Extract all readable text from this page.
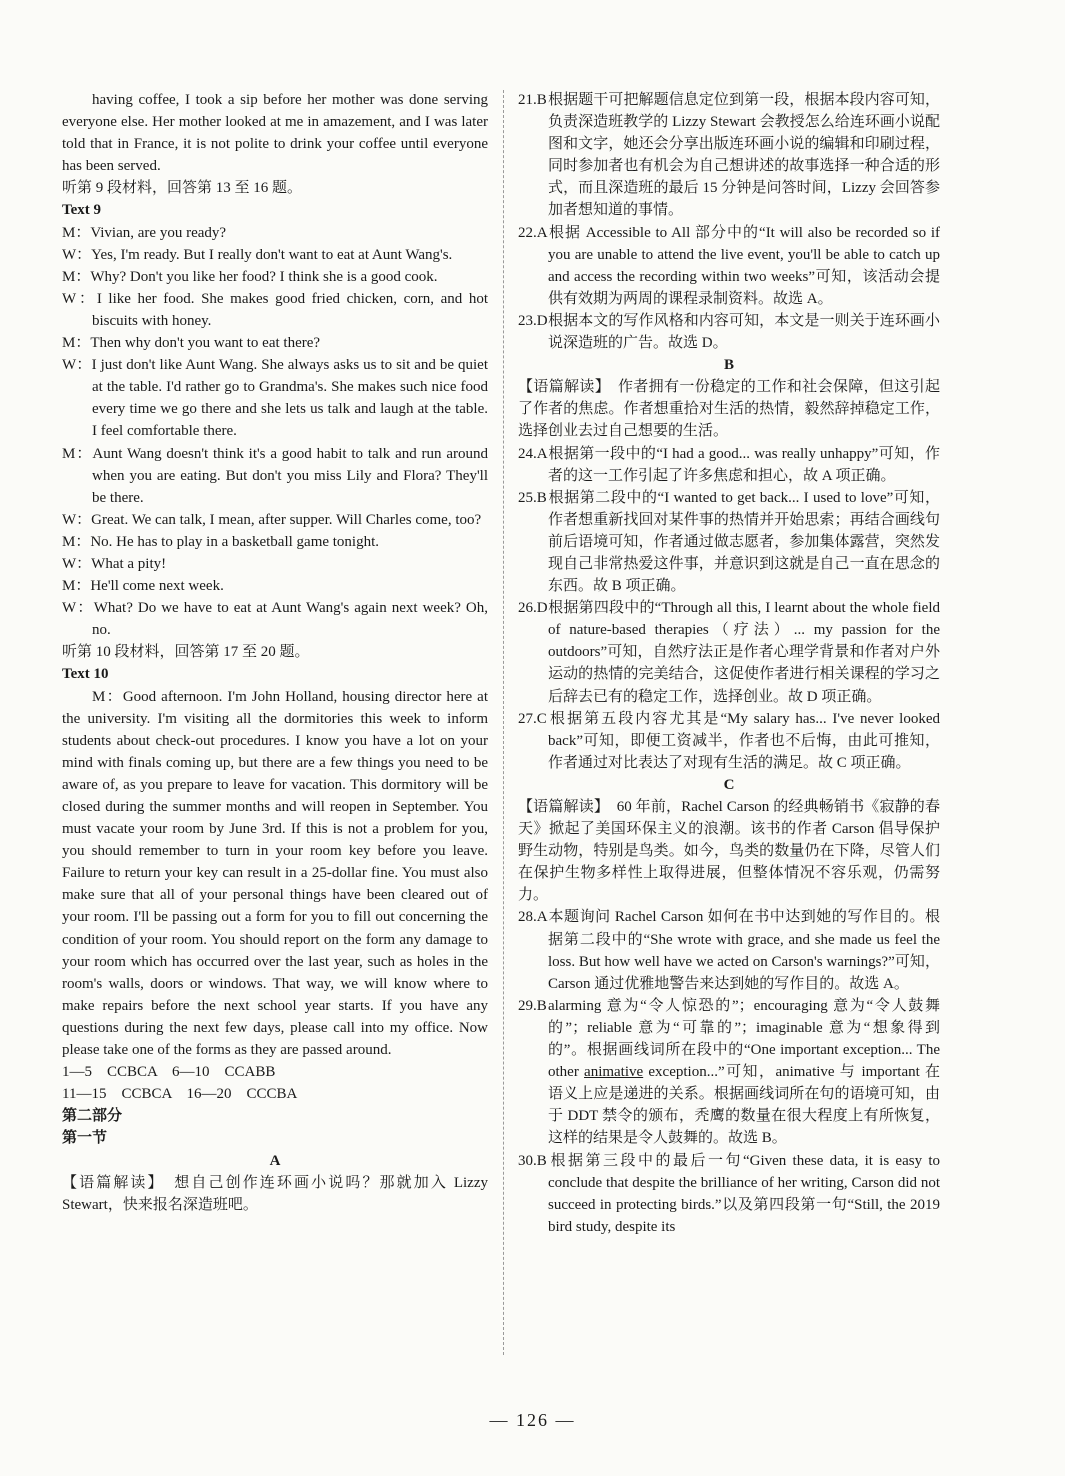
having coffee, I took a sip before her mother was done serving everyone else. Her mother looked at me in amazement, and I was later told that in France, it is not polite to drink your coffee until everyone has been served.
听第 9 段材料，回答第 13 至 16 题。
Text 9
M：Vivian, are you ready?
W：Yes, I'm ready. But I really don't want to eat at Aunt Wang's.
M：Why? Don't you like her food? I think she is a good cook.
W：I like her food. She makes good fried chicken, corn, and hot biscuits with honey.
M：Then why don't you want to eat there?
W：I just don't like Aunt Wang. She always asks us to sit and be quiet at the table. I'd rather go to Grandma's. She makes such nice food every time we go there and she lets us talk and laugh at the table. I feel comfortable there.
M：Aunt Wang doesn't think it's a good habit to talk and run around when you are eating. But don't you miss Lily and Flora? They'll be there.
W：Great. We can talk, I mean, after supper. Will Charles come, too?
M：No. He has to play in a basketball game tonight.
W：What a pity!
M：He'll come next week.
W：What? Do we have to eat at Aunt Wang's again next week? Oh, no.
听第 10 段材料，回答第 17 至 20 题。
Text 10
M：Good afternoon. I'm John Holland, housing director here at the university. I'm visiting all the dormitories this week to inform students about check-out procedures. I know you have a lot on your mind with finals coming up, but there are a few things you need to be aware of, as you prepare to leave for vacation. This dormitory will be closed during the summer months and will reopen in September. You must vacate your room by June 3rd. If this is not a problem for you, you should remember to turn in your room key before you leave. Failure to return your key can result in a 25-dollar fine. You must also make sure that all of your personal things have been cleared out of your room. I'll be passing out a form for you to fill out concerning the condition of your room. You should report on the form any damage to your room which has occurred over the last year, such as holes in the room's walls, doors or windows. That way, we will know where to make repairs before the next school year starts. If you have any questions during the next few days, please call into my office. Now please take one of the forms as they are passed around.
1—5　CCBCA　6—10　CCABB
11—15　CCBCA　16—20　CCCBA
第二部分
第一节
A
【语篇解读】　想自己创作连环画小说吗？那就加入 Lizzy Stewart，快来报名深造班吧。
21.B根据题干可把解题信息定位到第一段，根据本段内容可知，负责深造班教学的 Lizzy Stewart 会教授怎么给连环画小说配图和文字，她还会分享出版连环画小说的编辑和印刷过程，同时参加者也有机会为自己想讲述的故事选择一种合适的形式，而且深造班的最后 15 分钟是问答时间，Lizzy 会回答参加者想知道的事情。
22.A根据 Accessible to All 部分中的“It will also be recorded so if you are unable to attend the live event, you'll be able to catch up and access the recording within two weeks”可知，该活动会提供有效期为两周的课程录制资料。故选 A。
23.D根据本文的写作风格和内容可知，本文是一则关于连环画小说深造班的广告。故选 D。
B
【语篇解读】　作者拥有一份稳定的工作和社会保障，但这引起了作者的焦虑。作者想重拾对生活的热情，毅然辞掉稳定工作，选择创业去过自己想要的生活。
24.A根据第一段中的“I had a good... was really unhappy”可知，作者的这一工作引起了许多焦虑和担心，故 A 项正确。
25.B根据第二段中的“I wanted to get back... I used to love”可知，作者想重新找回对某件事的热情并开始思索；再结合画线句前后语境可知，作者通过做志愿者，参加集体露营，突然发现自己非常热爱这件事，并意识到这就是自己一直在思念的东西。故 B 项正确。
26.D根据第四段中的“Through all this, I learnt about the whole field of nature-based therapies（疗法）... my passion for the outdoors”可知，自然疗法正是作者心理学背景和作者对户外运动的热情的完美结合，这促使作者进行相关课程的学习之后辞去已有的稳定工作，选择创业。故 D 项正确。
27.C根据第五段内容尤其是“My salary has... I've never looked back”可知，即便工资减半，作者也不后悔，由此可推知，作者通过对比表达了对现有生活的满足。故 C 项正确。
C
【语篇解读】　60 年前，Rachel Carson 的经典畅销书《寂静的春天》掀起了美国环保主义的浪潮。该书的作者 Carson 倡导保护野生动物，特别是鸟类。如今，鸟类的数量仍在下降，尽管人们在保护生物多样性上取得进展，但整体情况不容乐观，仍需努力。
28.A本题询问 Rachel Carson 如何在书中达到她的写作目的。根据第二段中的“She wrote with grace, and she made us feel the loss. But how well have we acted on Carson's warnings?”可知，Carson 通过优雅地警告来达到她的写作目的。故选 A。
29.Balarming 意为“令人惊恐的”；encouraging 意为“令人鼓舞的”；reliable 意为“可靠的”；imaginable 意为“想象得到的”。根据画线词所在段中的“One important exception... The other animative exception...”可知，animative 与 important 在语义上应是递进的关系。根据画线词所在句的语境可知，由于 DDT 禁令的颁布，秃鹰的数量在很大程度上有所恢复，这样的结果是令人鼓舞的。故选 B。
30.B根据第三段中的最后一句“Given these data, it is easy to conclude that despite the brilliance of her writing, Carson did not succeed in protecting birds.”以及第四段第一句“Still, the 2019 bird study, despite its
— 126 —
